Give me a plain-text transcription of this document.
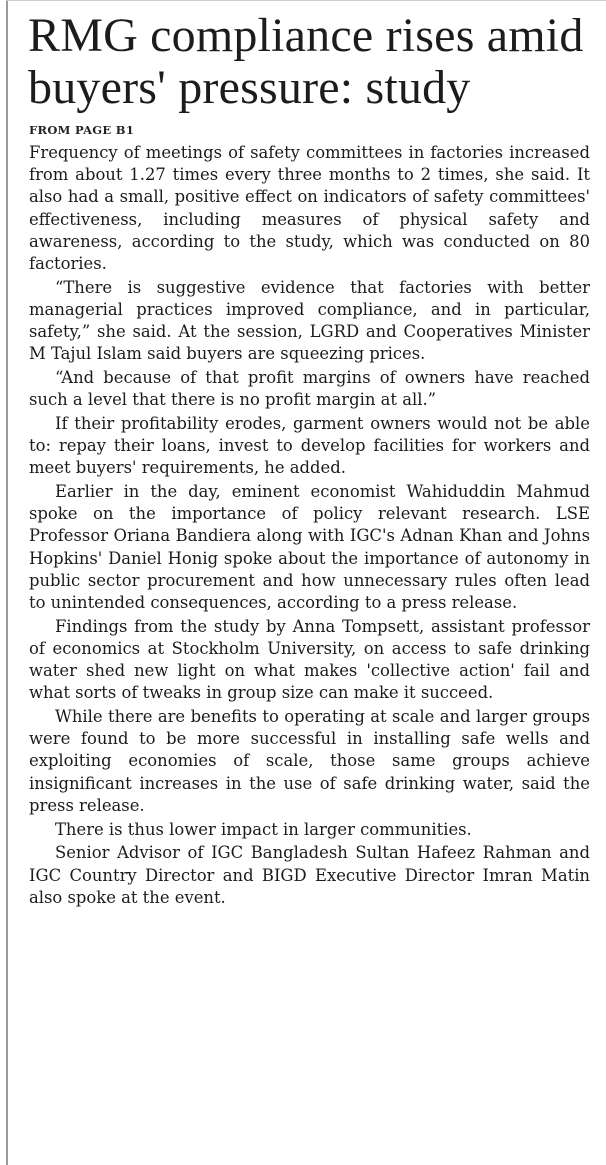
RMG compliance rises amid
buyers' pressure: study

FROM PAGE B1

Frequency of meetings of safety committees in factories increased from about 1.27 times every three months to 2 times, she said. It also had a small, positive effect on indicators of safety committees' effectiveness, including measures of physical safety and awareness, according to the study, which was conducted on 80 factories.

“There is suggestive evidence that factories with better managerial practices improved compliance, and in particular, safety,” she said. At the session, LGRD and Cooperatives Minister M Tajul Islam said buyers are squeezing prices.

“And because of that profit margins of owners have reached such a level that there is no profit margin at all.”

If their profitability erodes, garment owners would not be able to: repay their loans, invest to develop facilities for workers and meet buyers' requirements, he added.

Earlier in the day, eminent economist Wahiduddin Mahmud spoke on the importance of policy relevant research. LSE Professor Oriana Bandiera along with IGC's Adnan Khan and Johns Hopkins' Daniel Honig spoke about the importance of autonomy in public sector procurement and how unnecessary rules often lead to unintended consequences, according to a press release.

Findings from the study by Anna Tompsett, assistant professor of economics at Stockholm University, on access to safe drinking water shed new light on what makes 'collective action' fail and what sorts of tweaks in group size can make it succeed.

While there are benefits to operating at scale and larger groups were found to be more successful in installing safe wells and exploiting economies of scale, those same groups achieve insignificant increases in the use of safe drinking water, said the press release.

There is thus lower impact in larger communities.

Senior Advisor of IGC Bangladesh Sultan Hafeez Rahman and IGC Country Director and BIGD Executive Director Imran Matin also spoke at the event.
